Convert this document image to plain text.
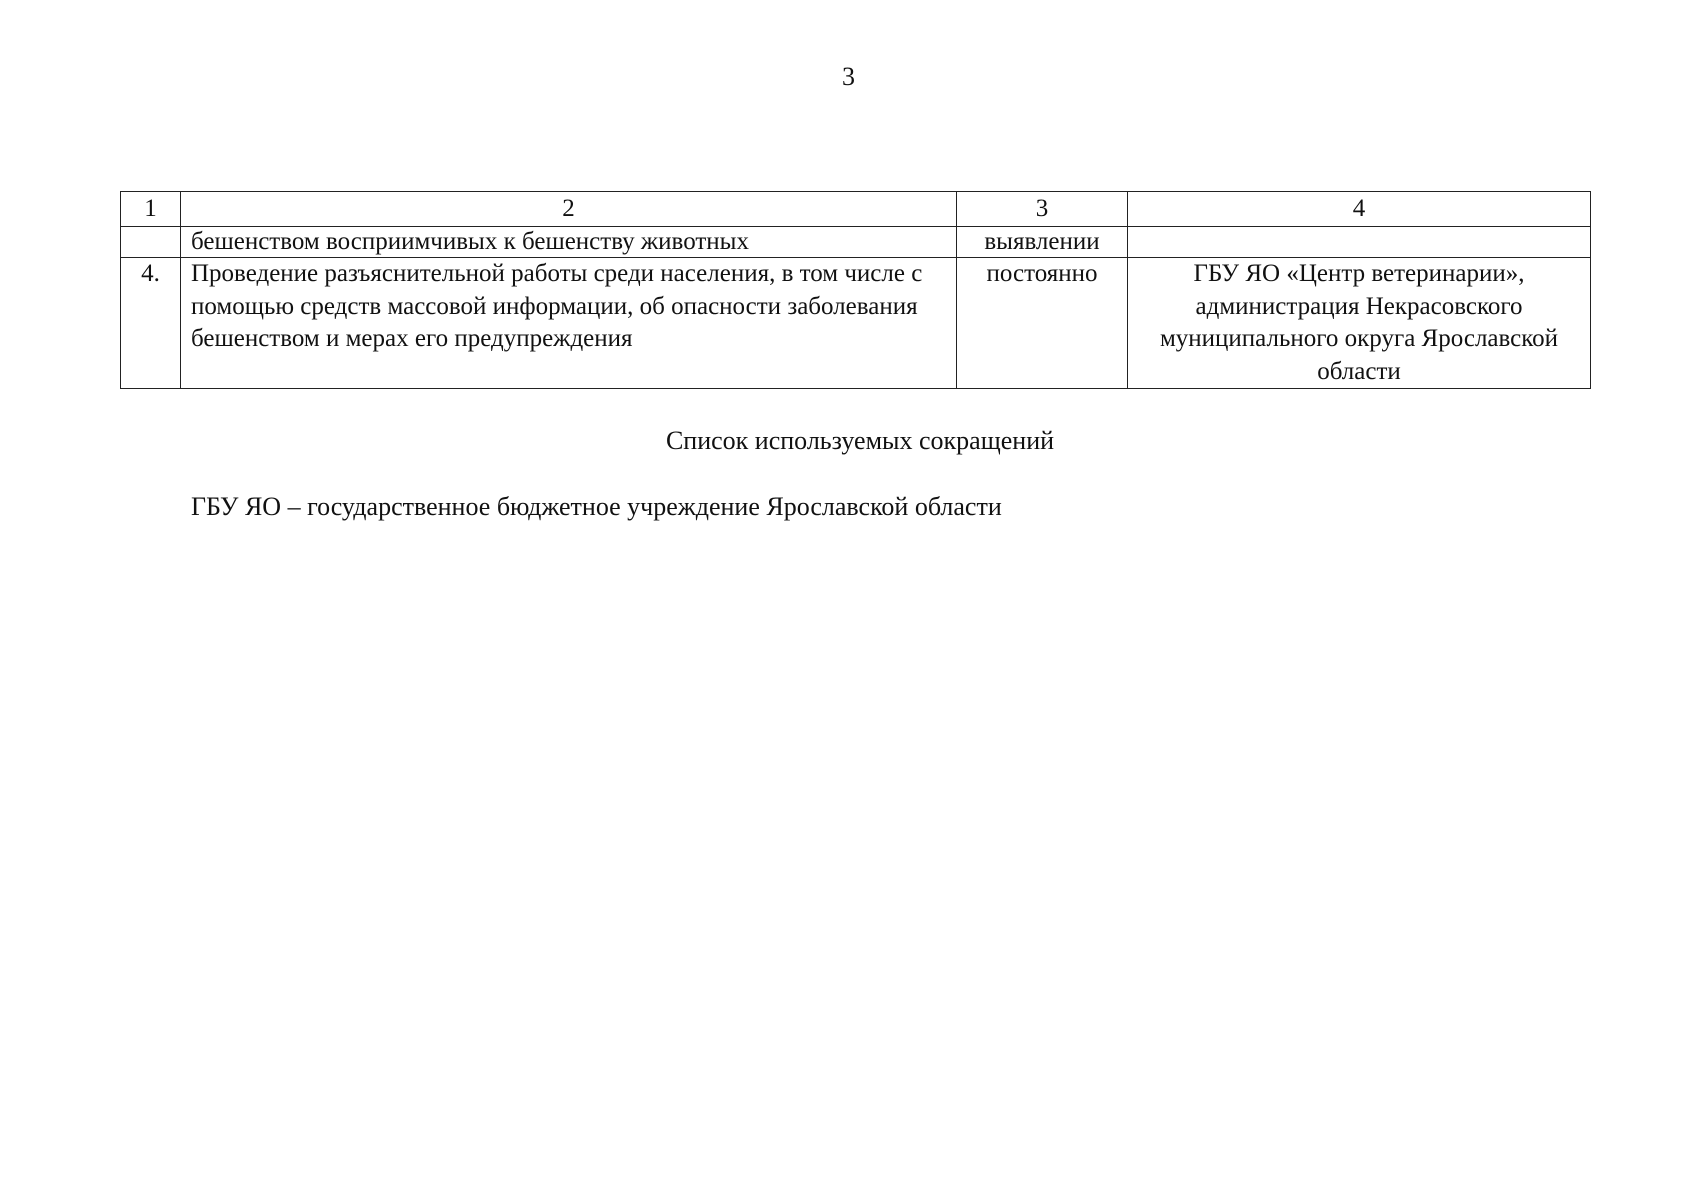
3
1	2	3	4
	бешенством восприимчивых к бешенству животных	выявлении	
4.	Проведение разъяснительной работы среди населения, в том числе с помощью средств массовой информации, об опасности заболевания бешенством и мерах его предупреждения	постоянно	ГБУ ЯО «Центр ветеринарии», администрация Некрасовского муниципального округа Ярославской области
Список используемых сокращений
ГБУ ЯО – государственное бюджетное учреждение Ярославской области
